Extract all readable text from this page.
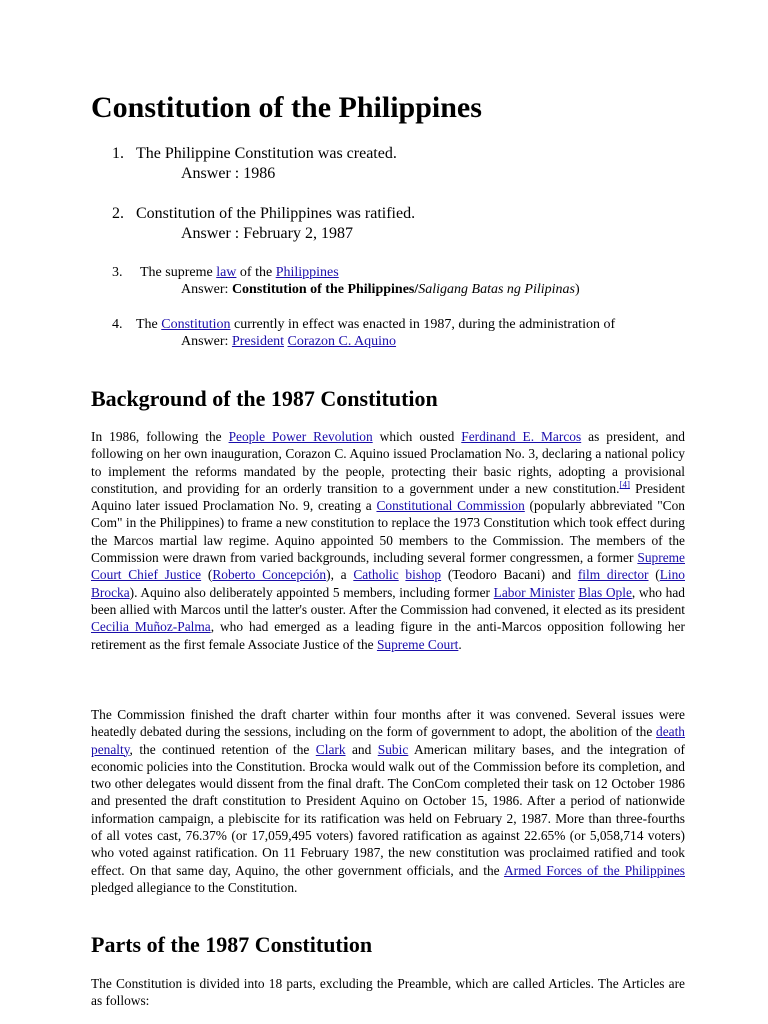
Constitution of the Philippines
1. The Philippine Constitution was created.
Answer : 1986
2. Constitution of the Philippines was ratified.
Answer : February 2, 1987
3. The supreme law of the Philippines
Answer: Constitution of the Philippines/Saligang Batas ng Pilipinas)
4. The Constitution currently in effect was enacted in 1987, during the administration of
Answer: President Corazon C. Aquino
Background of the 1987 Constitution

In 1986, following the People Power Revolution which ousted Ferdinand E. Marcos as president, and following on her own inauguration, Corazon C. Aquino issued Proclamation No. 3, declaring a national policy to implement the reforms mandated by the people, protecting their basic rights, adopting a provisional constitution, and providing for an orderly transition to a government under a new constitution.[4] President Aquino later issued Proclamation No. 9, creating a Constitutional Commission (popularly abbreviated "Con Com" in the Philippines) to frame a new constitution to replace the 1973 Constitution which took effect during the Marcos martial law regime. Aquino appointed 50 members to the Commission. The members of the Commission were drawn from varied backgrounds, including several former congressmen, a former Supreme Court Chief Justice (Roberto Concepción), a Catholic bishop (Teodoro Bacani) and film director (Lino Brocka). Aquino also deliberately appointed 5 members, including former Labor Minister Blas Ople, who had been allied with Marcos until the latter's ouster. After the Commission had convened, it elected as its president Cecilia Muñoz-Palma, who had emerged as a leading figure in the anti-Marcos opposition following her retirement as the first female Associate Justice of the Supreme Court.

The Commission finished the draft charter within four months after it was convened. Several issues were heatedly debated during the sessions, including on the form of government to adopt, the abolition of the death penalty, the continued retention of the Clark and Subic American military bases, and the integration of economic policies into the Constitution. Brocka would walk out of the Commission before its completion, and two other delegates would dissent from the final draft. The ConCom completed their task on 12 October 1986 and presented the draft constitution to President Aquino on October 15, 1986. After a period of nationwide information campaign, a plebiscite for its ratification was held on February 2, 1987. More than three-fourths of all votes cast, 76.37% (or 17,059,495 voters) favored ratification as against 22.65% (or 5,058,714 voters) who voted against ratification. On 11 February 1987, the new constitution was proclaimed ratified and took effect. On that same day, Aquino, the other government officials, and the Armed Forces of the Philippines pledged allegiance to the Constitution.

Parts of the 1987 Constitution

The Constitution is divided into 18 parts, excluding the Preamble, which are called Articles. The Articles are as follows:
